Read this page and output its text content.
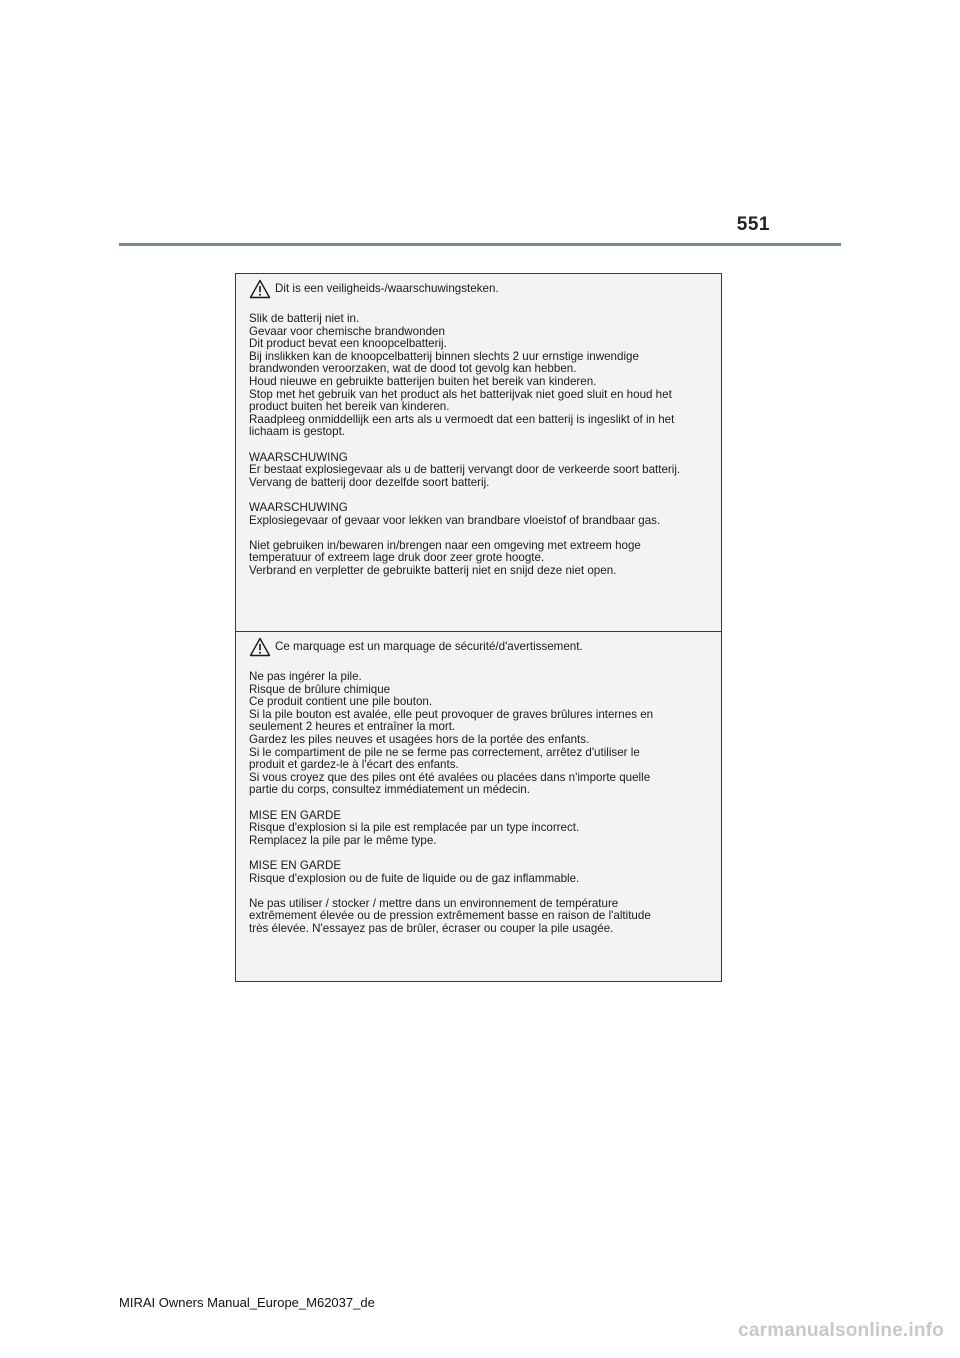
551
Dit is een veiligheids-/waarschuwingsteken.
Slik de batterij niet in.
Gevaar voor chemische brandwonden
Dit product bevat een knoopcelbatterij.
Bij inslikken kan de knoopcelbatterij binnen slechts 2 uur ernstige inwendige
brandwonden veroorzaken, wat de dood tot gevolg kan hebben.
Houd nieuwe en gebruikte batterijen buiten het bereik van kinderen.
Stop met het gebruik van het product als het batterijvak niet goed sluit en houd het
product buiten het bereik van kinderen.
Raadpleeg onmiddellijk een arts als u vermoedt dat een batterij is ingeslikt of in het
lichaam is gestopt.
WAARSCHUWING
Er bestaat explosiegevaar als u de batterij vervangt door de verkeerde soort batterij.
Vervang de batterij door dezelfde soort batterij.
WAARSCHUWING
Explosiegevaar of gevaar voor lekken van brandbare vloeistof of brandbaar gas.
Niet gebruiken in/bewaren in/brengen naar een omgeving met extreem hoge
temperatuur of extreem lage druk door zeer grote hoogte.
Verbrand en verpletter de gebruikte batterij niet en snijd deze niet open.
Ce marquage est un marquage de sécurité/d'avertissement.
Ne pas ingérer la pile.
Risque de brûlure chimique
Ce produit contient une pile bouton.
Si la pile bouton est avalée, elle peut provoquer de graves brûlures internes en
seulement 2 heures et entraîner la mort.
Gardez les piles neuves et usagées hors de la portée des enfants.
Si le compartiment de pile ne se ferme pas correctement, arrêtez d'utiliser le
produit et gardez-le à l'écart des enfants.
Si vous croyez que des piles ont été avalées ou placées dans n'importe quelle
partie du corps, consultez immédiatement un médecin.
MISE EN GARDE
Risque d'explosion si la pile est remplacée par un type incorrect.
Remplacez la pile par le même type.
MISE EN GARDE
Risque d'explosion ou de fuite de liquide ou de gaz inflammable.
Ne pas utiliser / stocker / mettre dans un environnement de température
extrêmement élevée ou de pression extrêmement basse en raison de l'altitude
très élevée. N'essayez pas de brûler, écraser ou couper la pile usagée.
MIRAI Owners Manual_Europe_M62037_de
carmanualsonline.info
